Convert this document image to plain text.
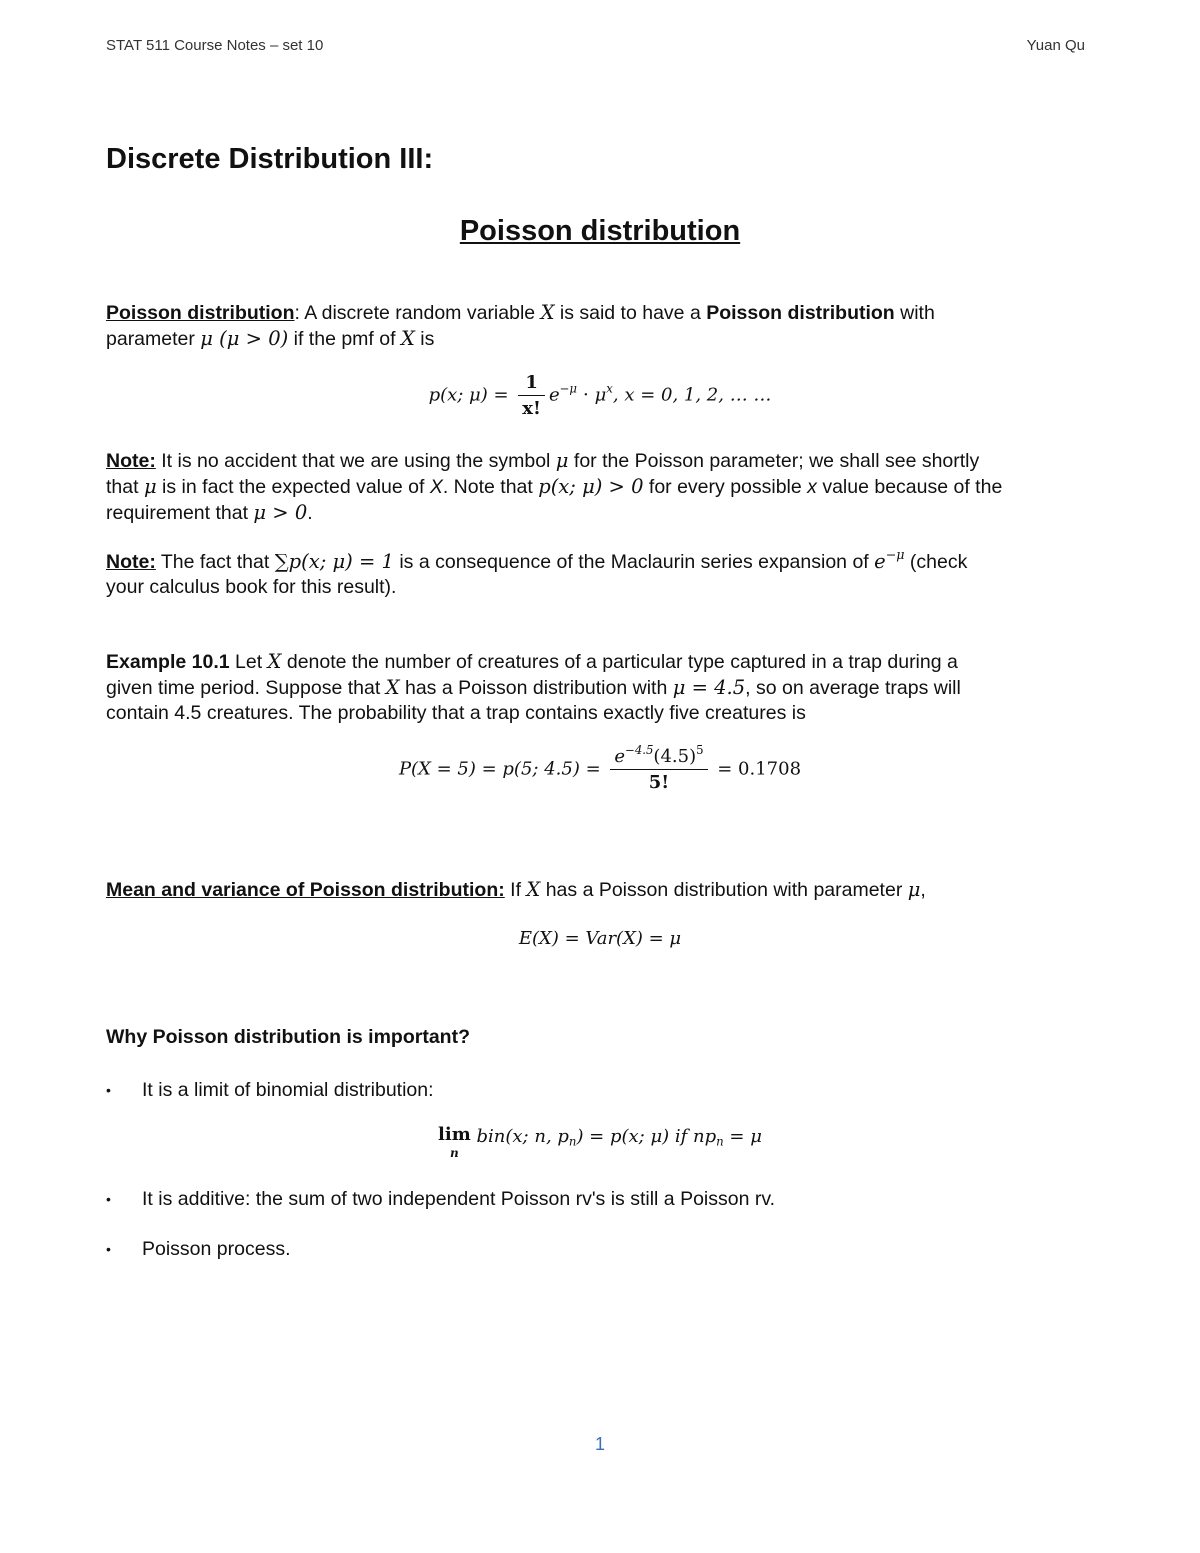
STAT 511 Course Notes – set 10	Yuan Qu
Discrete Distribution III:
Poisson distribution
Poisson distribution: A discrete random variable X is said to have a Poisson distribution with
parameter μ (μ > 0) if the pmf of X is
p(x; $\mu) = \frac{1}{x!} e^{-\mu} \cdot \mu^x$, x = 0, 1, 2, … …
Note: It is no accident that we are using the symbol μ for the Poisson parameter; we shall see shortly
that μ is in fact the expected value of X. Note that p(x; μ) > 0 for every possible x value because of the
requirement that μ > 0.
Note: The fact that ∑p(x; μ) = 1 is a consequence of the Maclaurin series expansion of $e^{-\mu}$ (check
your calculus book for this result).
Example 10.1 Let X denote the number of creatures of a particular type captured in a trap during a
given time period. Suppose that X has a Poisson distribution with μ = 4.5, so on average traps will
contain 4.5 creatures. The probability that a trap contains exactly five creatures is
P(X = 5) = p(5; $4.5) = \frac{e^{-4.5}(4.5)^5}{5!} = 0.1708$
Mean and variance of Poisson distribution: If X has a Poisson distribution with parameter μ,
E(X) = Var(X) = μ
Why Poisson distribution is important?
•	It is a limit of binomial distribution:
lim
n
bin(x; n, $p_n) = p(x$; μ) if $np_n = \mu$
•	It is additive: the sum of two independent Poisson rv's is still a Poisson rv.
•	Poisson process.
1
